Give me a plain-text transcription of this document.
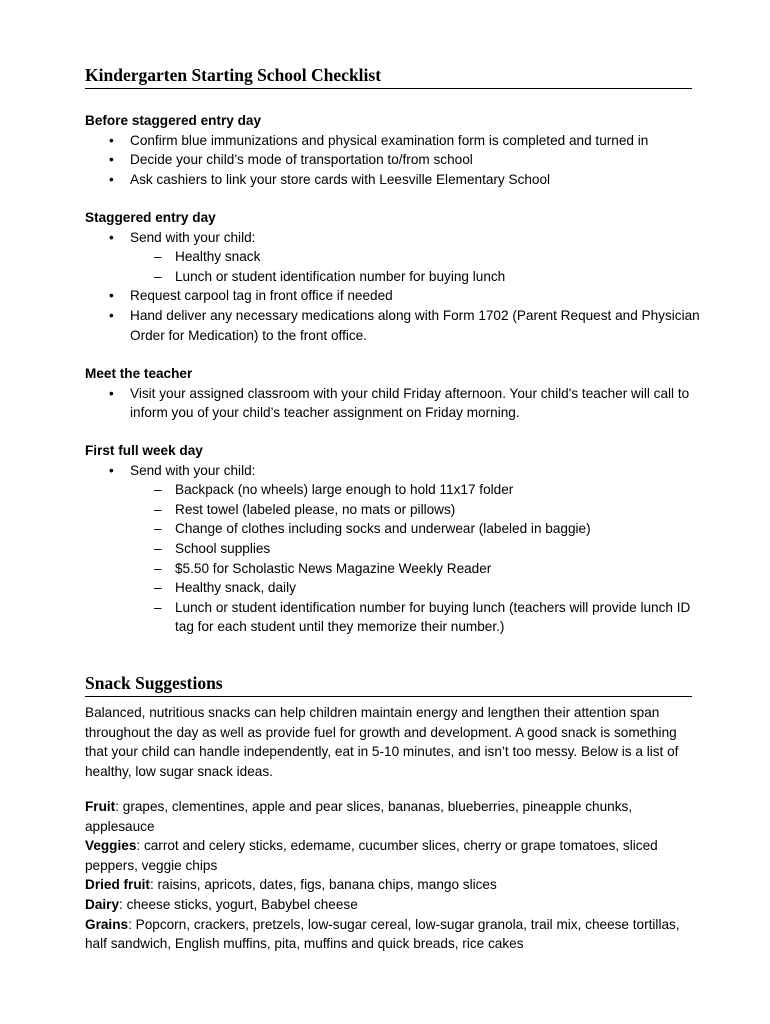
Kindergarten Starting School Checklist
Before staggered entry day
• Confirm blue immunizations and physical examination form is completed and turned in
• Decide your child’s mode of transportation to/from school
• Ask cashiers to link your store cards with Leesville Elementary School
Staggered entry day
• Send with your child:
– Healthy snack
– Lunch or student identification number for buying lunch
• Request carpool tag in front office if needed
• Hand deliver any necessary medications along with Form 1702 (Parent Request and Physician Order for Medication) to the front office.
Meet the teacher
• Visit your assigned classroom with your child Friday afternoon. Your child's teacher will call to inform you of your child’s teacher assignment on Friday morning.
First full week day
• Send with your child:
– Backpack (no wheels) large enough to hold 11x17 folder
– Rest towel (labeled please, no mats or pillows)
– Change of clothes including socks and underwear (labeled in baggie)
– School supplies
– $5.50 for Scholastic News Magazine Weekly Reader
– Healthy snack, daily
– Lunch or student identification number for buying lunch (teachers will provide lunch ID tag for each student until they memorize their number.)
Snack Suggestions

Balanced, nutritious snacks can help children maintain energy and lengthen their attention span throughout the day as well as provide fuel for growth and development. A good snack is something that your child can handle independently, eat in 5-10 minutes, and isn’t too messy. Below is a list of healthy, low sugar snack ideas.

Fruit: grapes, clementines, apple and pear slices, bananas, blueberries, pineapple chunks, applesauce

Veggies: carrot and celery sticks, edemame, cucumber slices, cherry or grape tomatoes, sliced peppers, veggie chips

Dried fruit: raisins, apricots, dates, figs, banana chips, mango slices

Dairy: cheese sticks, yogurt, Babybel cheese

Grains: Popcorn, crackers, pretzels, low-sugar cereal, low-sugar granola, trail mix, cheese tortillas, half sandwich, English muffins, pita, muffins and quick breads, rice cakes
